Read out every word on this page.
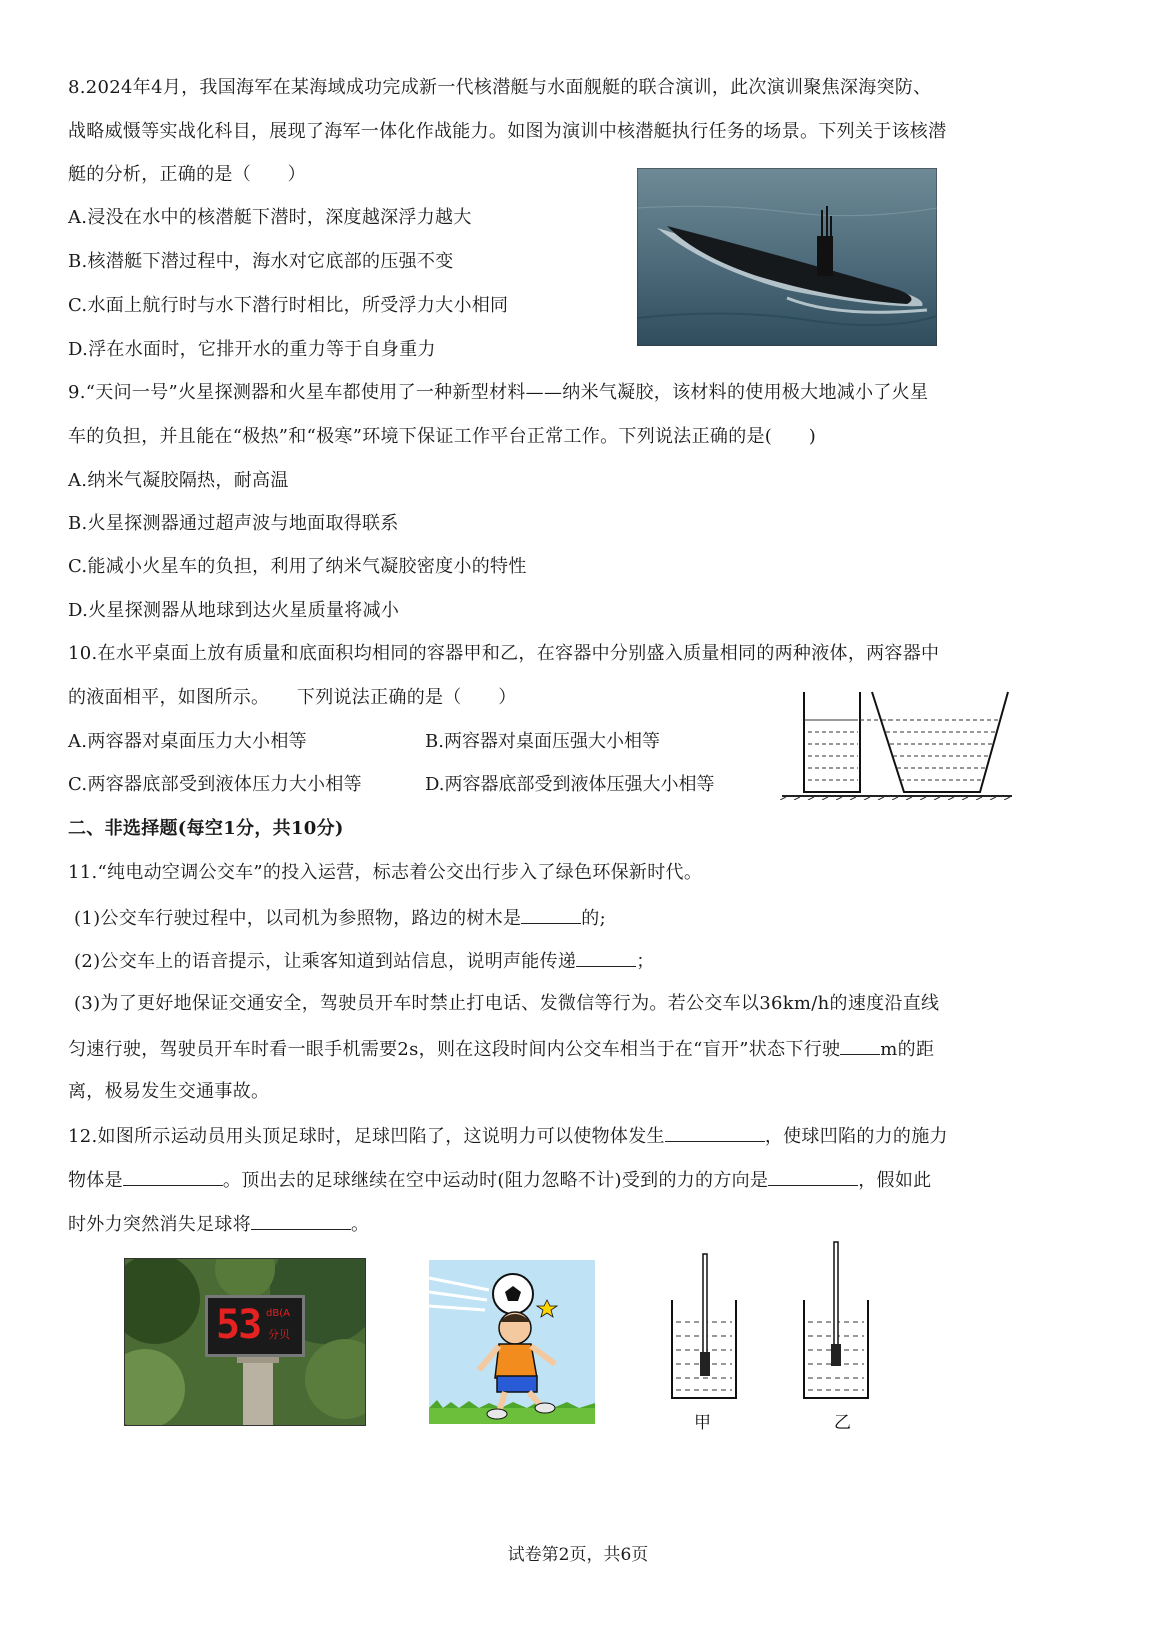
8.2024年4月，我国海军在某海域成功完成新一代核潜艇与水面舰艇的联合演训，此次演训聚焦深海突防、
战略威慑等实战化科目，展现了海军一体化作战能力。如图为演训中核潜艇执行任务的场景。下列关于该核潜
艇的分析，正确的是（　　）
A.浸没在水中的核潜艇下潜时，深度越深浮力越大
B.核潜艇下潜过程中，海水对它底部的压强不变
C.水面上航行时与水下潜行时相比，所受浮力大小相同
D.浮在水面时，它排开水的重力等于自身重力
9.“天问一号”火星探测器和火星车都使用了一种新型材料——纳米气凝胶，该材料的使用极大地减小了火星
车的负担，并且能在“极热”和“极寒”环境下保证工作平台正常工作。下列说法正确的是(　　)
A.纳米气凝胶隔热，耐高温
B.火星探测器通过超声波与地面取得联系
C.能减小火星车的负担，利用了纳米气凝胶密度小的特性
D.火星探测器从地球到达火星质量将减小
10.在水平桌面上放有质量和底面积均相同的容器甲和乙，在容器中分别盛入质量相同的两种液体，两容器中
的液面相平，如图所示。　　下列说法正确的是（　　）
A.两容器对桌面压力大小相等	B.两容器对桌面压强大小相等
C.两容器底部受到液体压力大小相等	D.两容器底部受到液体压强大小相等
二、非选择题(每空1分，共10分)
11.“纯电动空调公交车”的投入运营，标志着公交出行步入了绿色环保新时代。
(1)公交车行驶过程中，以司机为参照物，路边的树木是	的;
(2)公交车上的语音提示，让乘客知道到站信息，说明声能传递	；
(3)为了更好地保证交通安全，驾驶员开车时禁止打电话、发微信等行为。若公交车以36km/h的速度沿直线
匀速行驶，驾驶员开车时看一眼手机需要2s，则在这段时间内公交车相当于在“盲开”状态下行驶 m的距
离，极易发生交通事故。
12.如图所示运动员用头顶足球时，足球凹陷了，这说明力可以使物体发生	，使球凹陷的力的施力
物体是	。顶出去的足球继续在空中运动时(阻力忽略不计)受到的力的方向是	，假如此
时外力突然消失足球将	。
53 dB(A
分贝
甲	乙
试卷第2页，共6页
